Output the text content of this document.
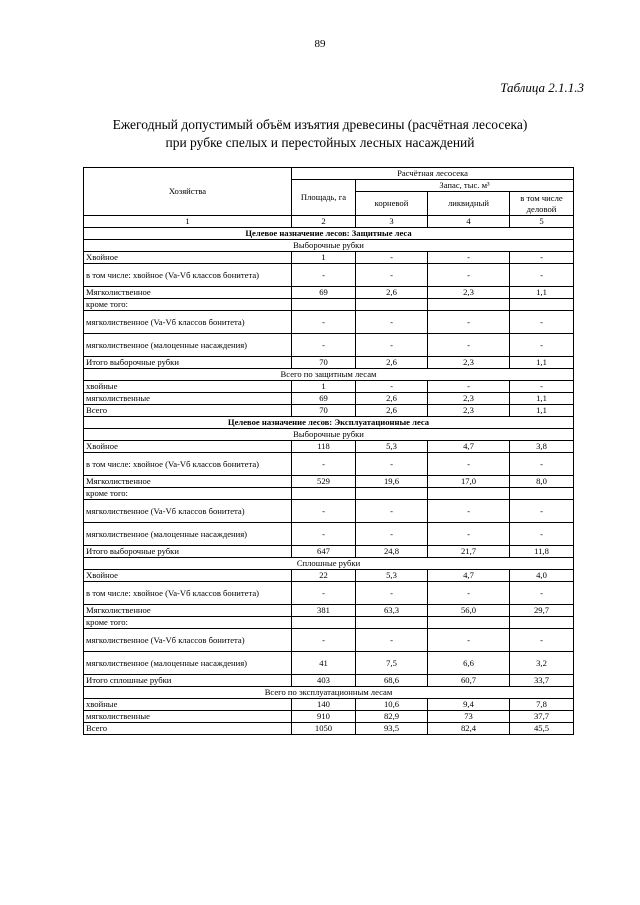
89
Таблица 2.1.1.3
Ежегодный допустимый объём изъятия древесины (расчётная лесосека)
при рубке спелых и перестойных лесных насаждений
Хозяйства	Расчётная лесосека			
	Площадь, га	Запас, тыс. м³		
		корневой	ликвидный	в том числе деловой
1	2	3	4	5
Целевое назначение лесов: Защитные леса				
Выборочные рубки				
Хвойное	1	-	-	-
в том числе: хвойное (Va-Vб классов бонитета)	-	-	-	-
Мягколиственное	69	2,6	2,3	1,1
кроме того:				
мягколиственное (Va-Vб классов бонитета)	-	-	-	-
мягколиственное (малоценные насаждения)	-	-	-	-
Итого выборочные рубки	70	2,6	2,3	1,1
Всего по защитным лесам				
хвойные	1	-	-	-
мягколиственные	69	2,6	2,3	1,1
Всего	70	2,6	2,3	1,1
Целевое назначение лесов: Эксплуатационные леса				
Выборочные рубки				
Хвойное	118	5,3	4,7	3,8
в том числе: хвойное (Va-Vб классов бонитета)	-	-	-	-
Мягколиственное	529	19,6	17,0	8,0
кроме того:				
мягколиственное (Va-Vб классов бонитета)	-	-	-	-
мягколиственное (малоценные насаждения)	-	-	-	-
Итого выборочные рубки	647	24,8	21,7	11,8
Сплошные рубки				
Хвойное	22	5,3	4,7	4,0
в том числе: хвойное (Va-Vб классов бонитета)	-	-	-	-
Мягколиственное	381	63,3	56,0	29,7
кроме того:				
мягколиственное (Va-Vб классов бонитета)	-	-	-	-
мягколиственное (малоценные насаждения)	41	7,5	6,6	3,2
Итого сплошные рубки	403	68,6	60,7	33,7
Всего по эксплуатационным лесам				
хвойные	140	10,6	9,4	7,8
мягколиственные	910	82,9	73	37,7
Всего	1050	93,5	82,4	45,5
